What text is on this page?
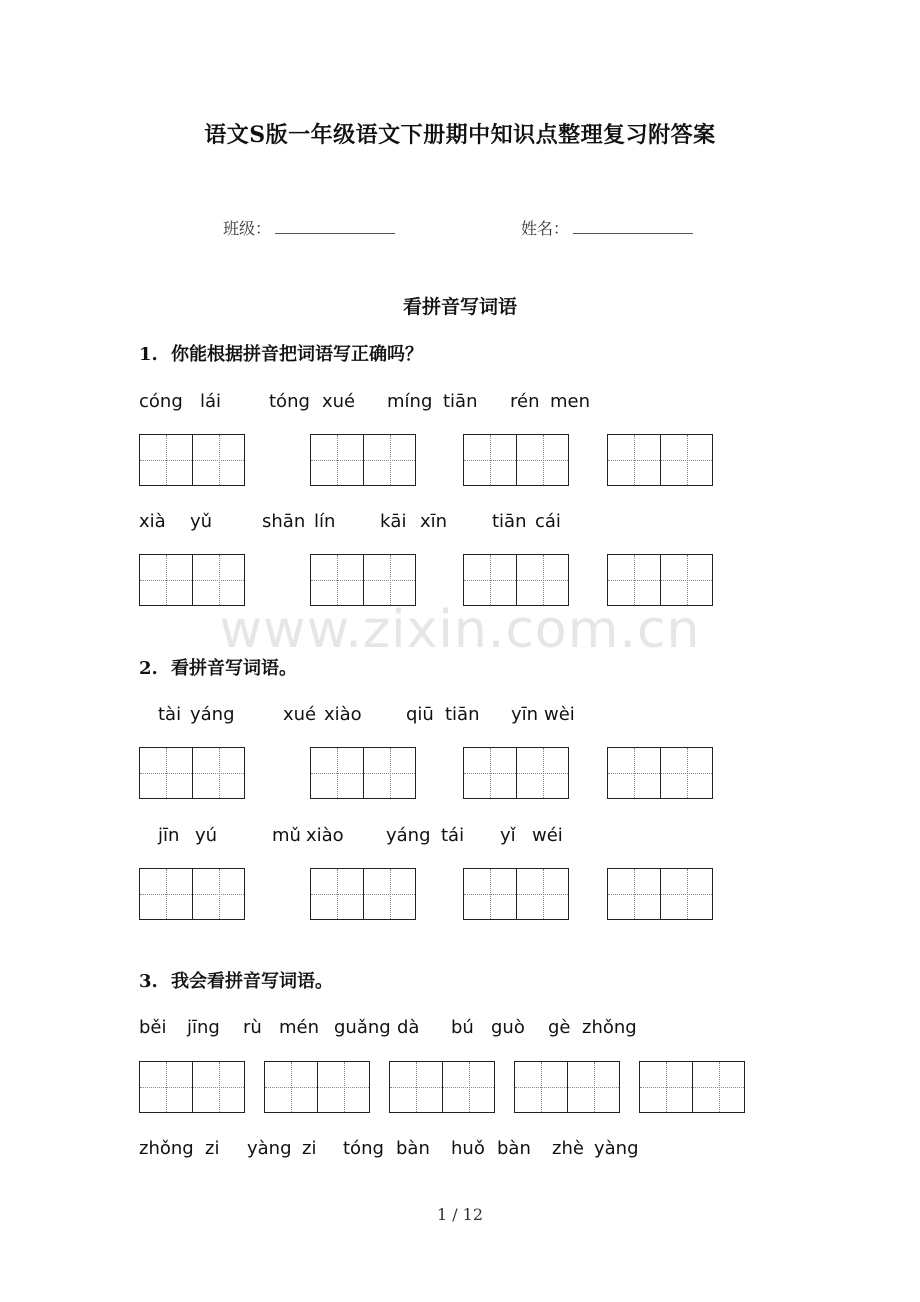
语文S版一年级语文下册期中知识点整理复习附答案
班级：	姓名：
看拼音写词语
www.zixin.com.cn
1. 你能根据拼音把词语写正确吗？
cóng lái	tóng xué míng tiān rén men
xià yǔ	shān lín kāi xīn tiān cái
2. 看拼音写词语。
tài yáng	xué xiào qiū tiān yīn wèi
jīn yú	mǔ xiào yáng tái yǐ wéi
3. 我会看拼音写词语。
běi jīng rù mén guǎng dà bú guò gè zhǒng
zhǒng zi yàng zi tóng bàn huǒ bàn zhè yàng
1 / 12
